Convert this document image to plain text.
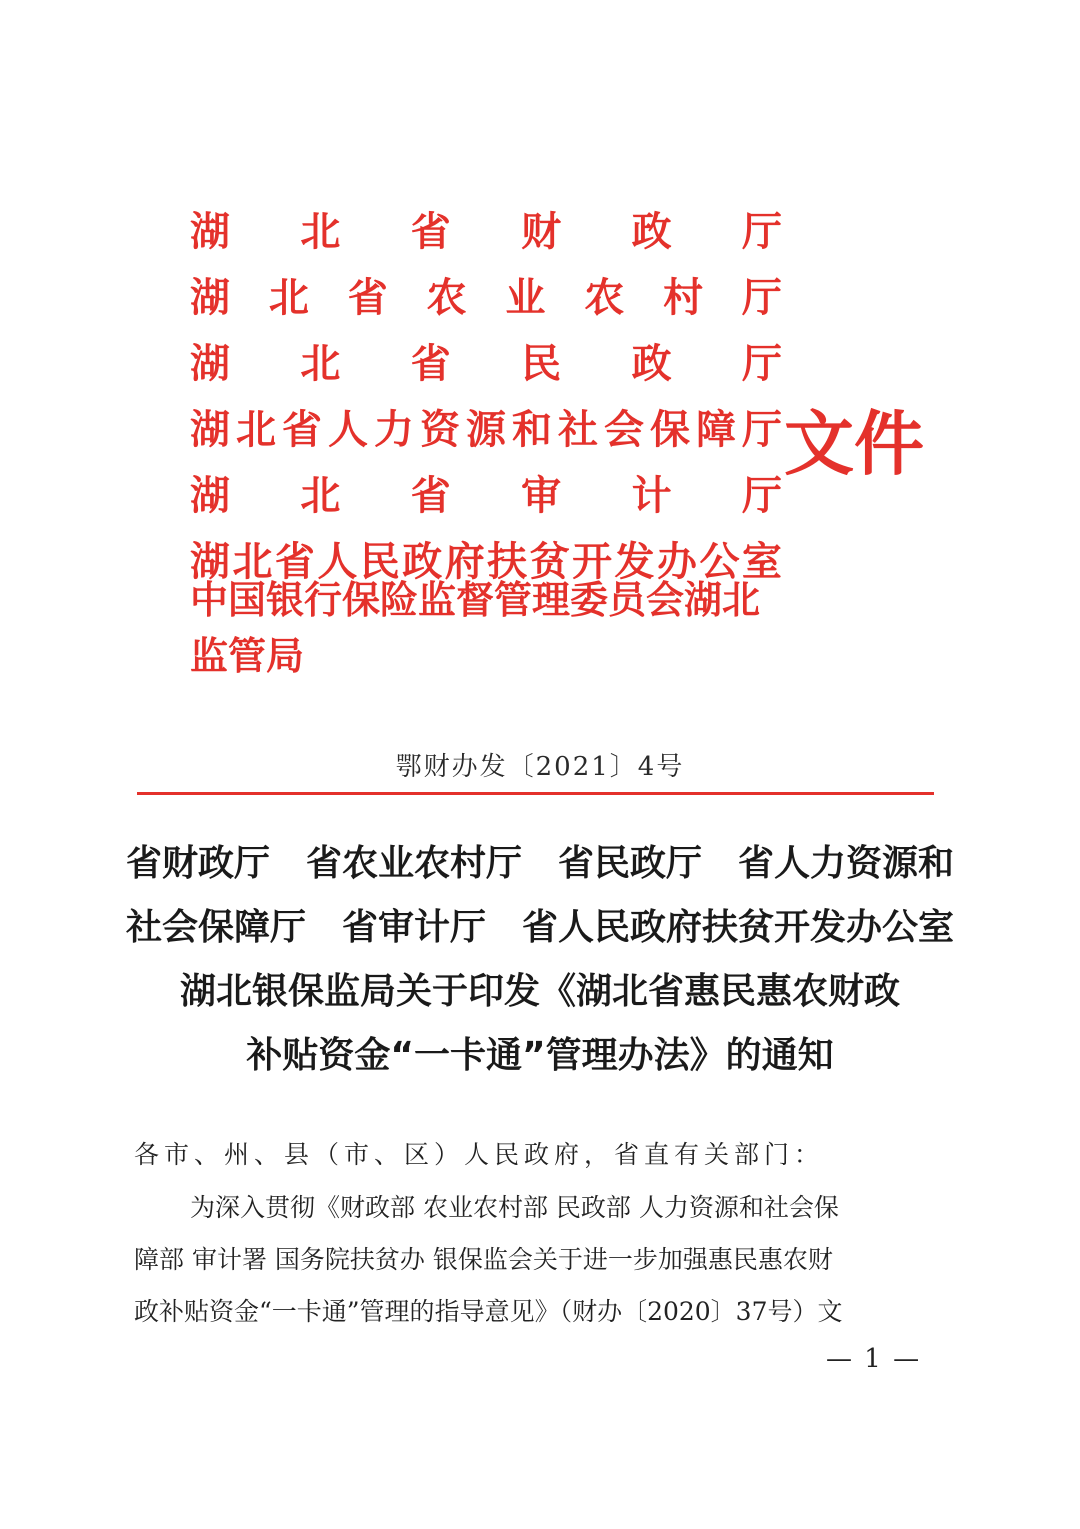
湖 北 省 财 政 厅
湖 北 省 农 业 农 村 厅
湖 北 省 民 政 厅
湖 北 省 人 力 资 源 和 社 会 保 障 厅
湖 北 省 审 计 厅
湖 北 省 人 民 政 府 扶 贫 开 发 办 公 室
中国银行保险监督管理委员会湖北监管局
文件
鄂财办发〔2021〕4号
省财政厅　省农业农村厅　省民政厅　省人力资源和
社会保障厅　省审计厅　省人民政府扶贫开发办公室
湖北银保监局关于印发《湖北省惠民惠农财政
补贴资金“一卡通”管理办法》的通知
各市、州、县（市、区）人民政府，省直有关部门：
为深入贯彻《财政部 农业农村部 民政部 人力资源和社会保
障部 审计署 国务院扶贫办 银保监会关于进一步加强惠民惠农财
政补贴资金“一卡通”管理的指导意见》（财办〔2020〕37号）文
— 1 —
